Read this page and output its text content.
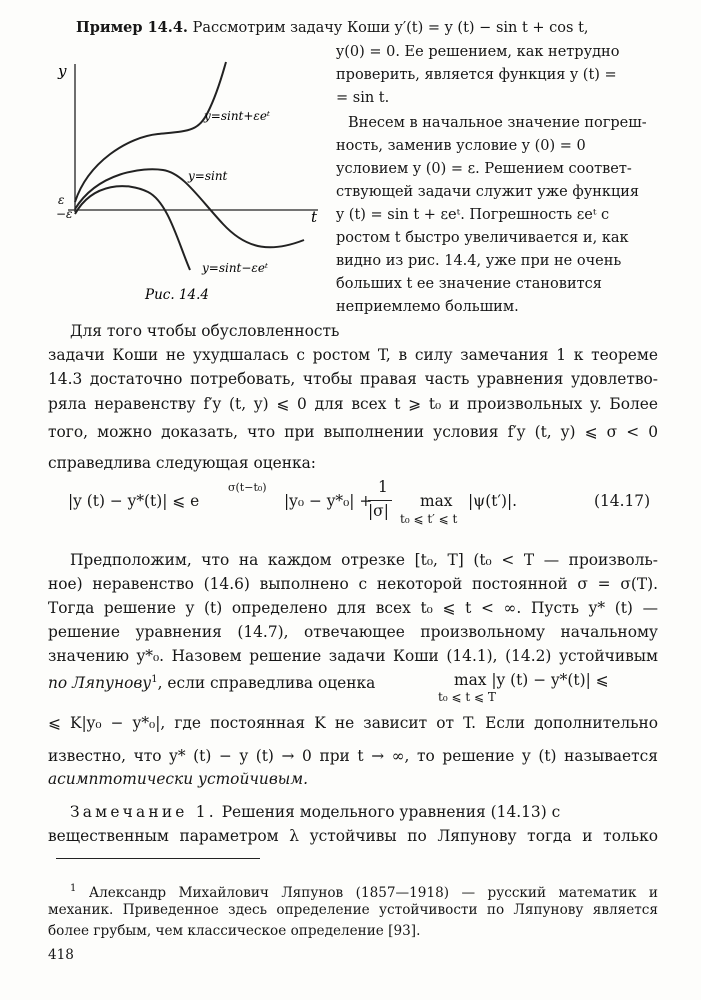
Пример 14.4. Рассмотрим задачу Коши y′(t) = y (t) − sin t + cos t,
y(0) = 0. Ее решением, как нетрудно
проверить, является функция y (t) =
= sin t.
Внесем в начальное значение погреш-
ность, заменив условие y (0) = 0
условием y (0) = ε. Решением соответ-
ствующей задачи служит уже функция
y (t) = sin t + εeᵗ. Погрешность εeᵗ с
ростом t быстро увеличивается и, как
видно из рис. 14.4, уже при не очень
больших t ее значение становится
неприемлемо большим.
y
t
ε
−ε
y=sint+εeᵗ
y=sint
y=sint−εeᵗ
Рис. 14.4
Для того чтобы обусловленность
задачи Коши не ухудшалась с ростом T, в силу замечания 1 к теореме
14.3 достаточно потребовать, чтобы правая часть уравнения удовлетво-
ряла неравенству f′y (t, y) ⩽ 0 для всех t ⩾ t₀ и произвольных y. Более
того, можно доказать, что при выполнении условия f′y (t, y) ⩽ σ < 0
справедлива следующая оценка:
|y (t) − y*(t)| ⩽ e
σ(t−t₀)
|y₀ − y*₀| +
1
|σ|
max
t₀ ⩽ t′ ⩽ t
|ψ(t′)|.	(14.17)
Предположим, что на каждом отрезке [t₀, T] (t₀ < T — произволь-
ное) неравенство (14.6) выполнено с некоторой постоянной σ = σ(T).
Тогда решение y (t) определено для всех t₀ ⩽ t < ∞. Пусть y* (t) —
решение уравнения (14.7), отвечающее произвольному начальному
значению y*₀. Назовем решение задачи Коши (14.1), (14.2) устойчивым
по Ляпунову$^1$, если справедлива оценка	max |y (t) − y*(t)| ⩽
t₀ ⩽ t ⩽ T
⩽ K|y₀ − y*₀|, где постоянная K не зависит от T. Если дополнительно
известно, что y* (t) − y (t) → 0 при t → ∞, то решение y (t) называется
асимптотически устойчивым.
Замечание 1. Решения модельного уравнения (14.13) с
вещественным параметром λ устойчивы по Ляпунову тогда и только
$^1$ Александр Михайлович Ляпунов (1857—1918) — русский математик и
механик. Приведенное здесь определение устойчивости по Ляпунову является
более грубым, чем классическое определение [93].
418
